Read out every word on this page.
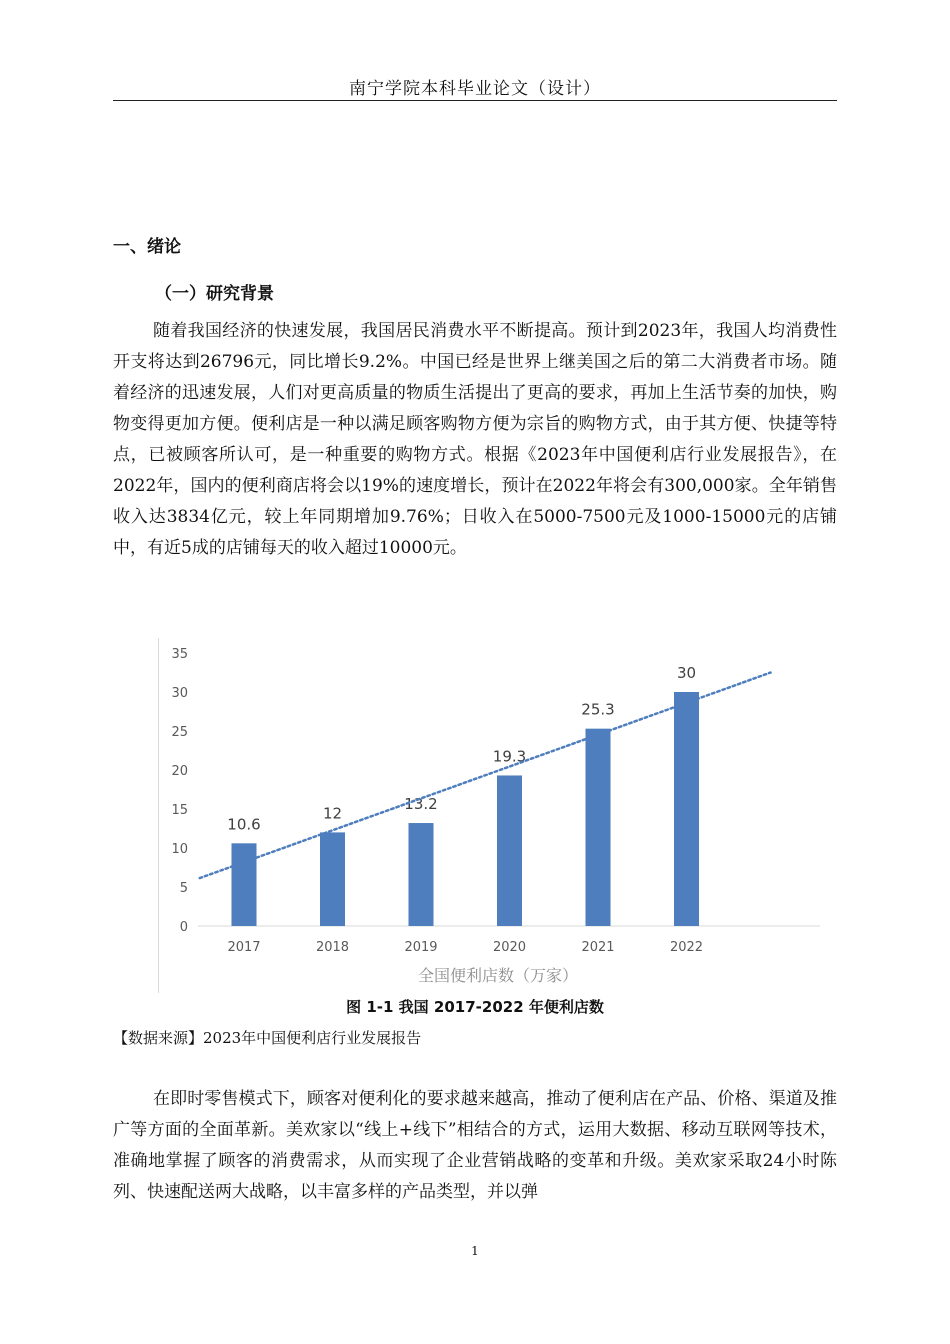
南宁学院本科毕业论文（设计）
一、绪论
（一）研究背景

随着我国经济的快速发展，我国居民消费水平不断提高。预计到2023年，我国人均消费性开支将达到26796元，同比增长9.2%。中国已经是世界上继美国之后的第二大消费者市场。随着经济的迅速发展，人们对更高质量的物质生活提出了更高的要求，再加上生活节奏的加快，购物变得更加方便。便利店是一种以满足顾客购物方便为宗旨的购物方式，由于其方便、快捷等特点，已被顾客所认可，是一种重要的购物方式。根据《2023年中国便利店行业发展报告》，在2022年，国内的便利商店将会以19%的速度增长，预计在2022年将会有300,000家。全年销售收入达3834亿元，较上年同期增加9.76%；日收入在5000-7500元及1000-15000元的店铺中，有近5成的店铺每天的收入超过10000元。

0
5
10
15
20
25
30
35
10.6
2017
12
2018
13.2
2019
19.3
2020
25.3
2021
30
2022
全国便利店数（万家）
图 1-1 我国 2017-2022 年便利店数
【数据来源】2023年中国便利店行业发展报告

在即时零售模式下，顾客对便利化的要求越来越高，推动了便利店在产品、价格、渠道及推广等方面的全面革新。美欢家以“线上+线下”相结合的方式，运用大数据、移动互联网等技术，准确地掌握了顾客的消费需求，从而实现了企业营销战略的变革和升级。美欢家采取24小时陈列、快速配送两大战略，以丰富多样的产品类型，并以弹

1
